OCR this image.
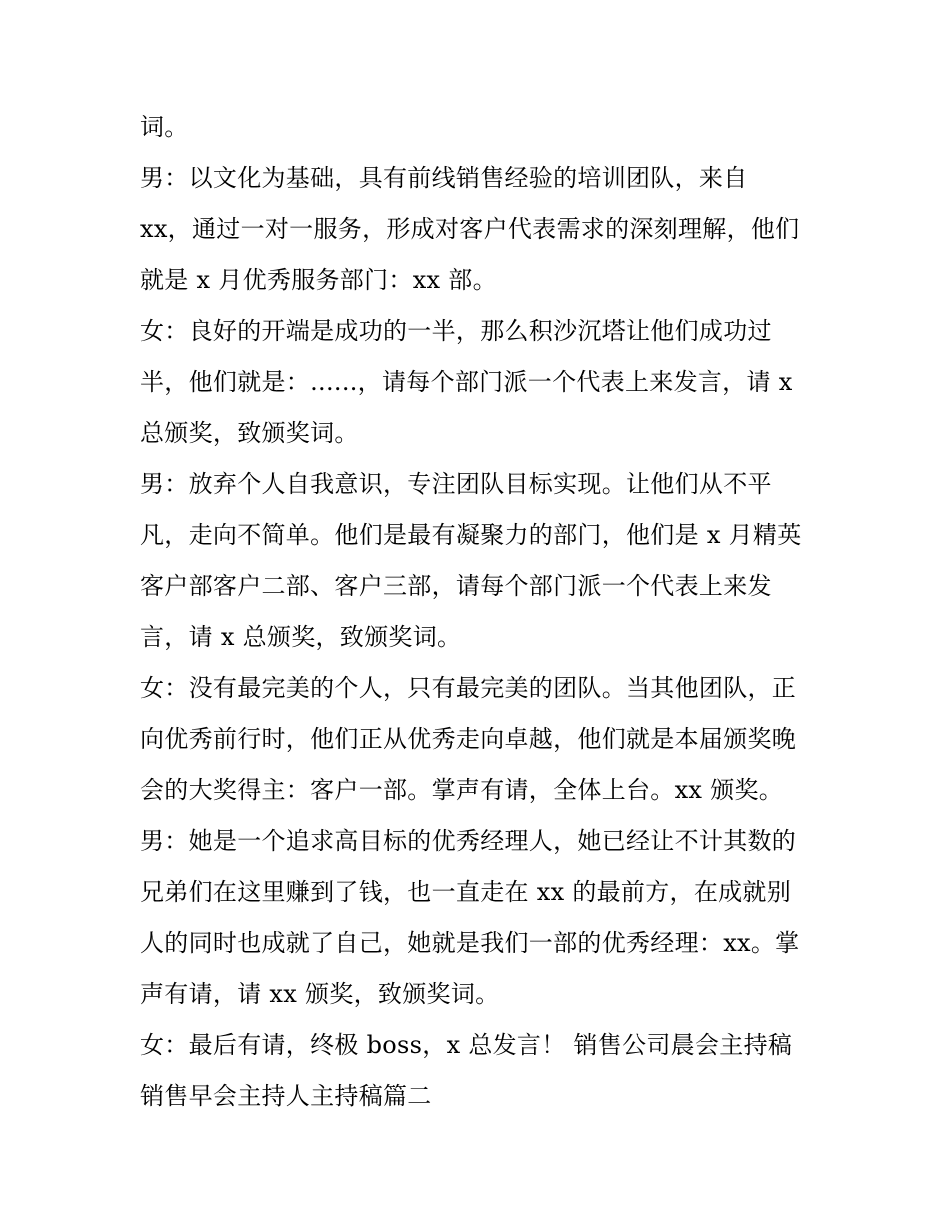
词。
男：以文化为基础，具有前线销售经验的培训团队，来自
xx，通过一对一服务，形成对客户代表需求的深刻理解，他们
就是 x 月优秀服务部门：xx 部。
女：良好的开端是成功的一半，那么积沙沉塔让他们成功过
半，他们就是：......，请每个部门派一个代表上来发言，请 x
总颁奖，致颁奖词。
男：放弃个人自我意识，专注团队目标实现。让他们从不平
凡，走向不简单。他们是最有凝聚力的部门，他们是 x 月精英
客户部客户二部、客户三部，请每个部门派一个代表上来发
言，请 x 总颁奖，致颁奖词。
女：没有最完美的个人，只有最完美的团队。当其他团队，正
向优秀前行时，他们正从优秀走向卓越，他们就是本届颁奖晚
会的大奖得主：客户一部。掌声有请，全体上台。xx 颁奖。
男：她是一个追求高目标的优秀经理人，她已经让不计其数的
兄弟们在这里赚到了钱，也一直走在 xx 的最前方，在成就别
人的同时也成就了自己，她就是我们一部的优秀经理：xx。掌
声有请，请 xx 颁奖，致颁奖词。
女：最后有请，终极 boss，x 总发言！ 销售公司晨会主持稿
销售早会主持人主持稿篇二
